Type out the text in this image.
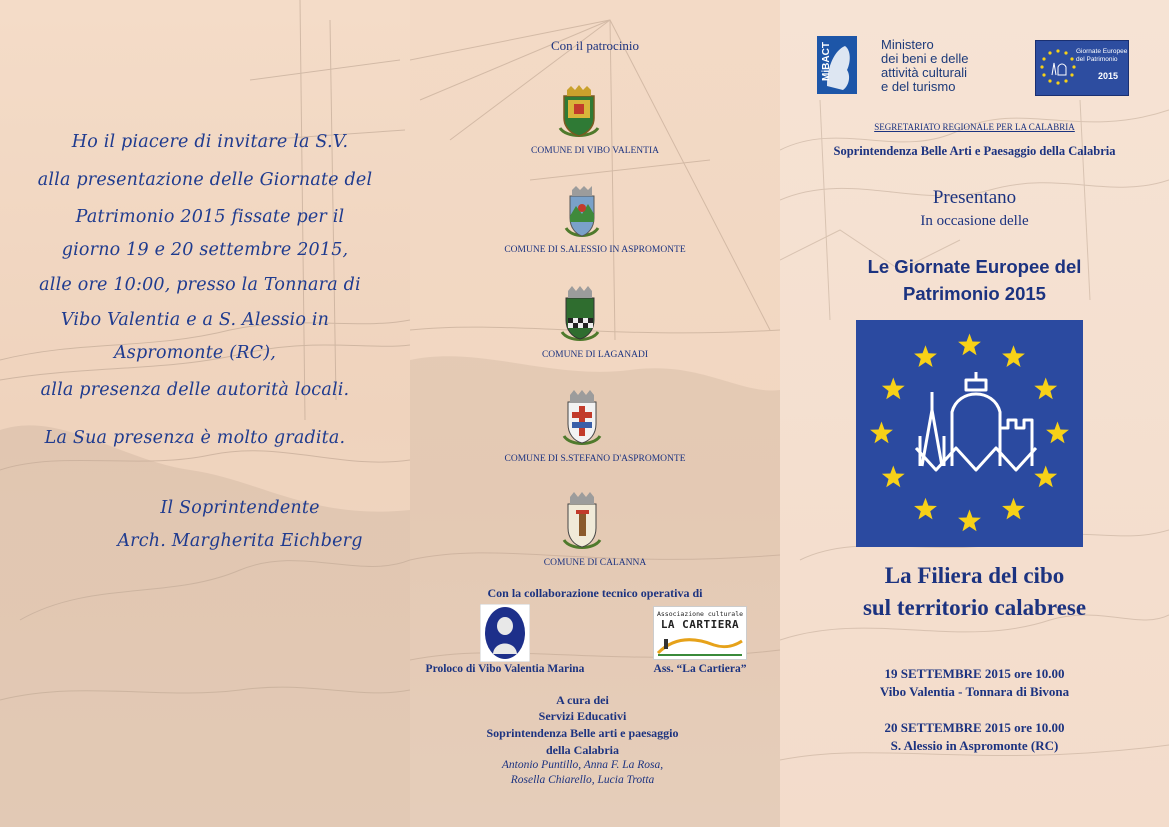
Ho il piacere di invitare la S.V.
alla presentazione delle Giornate del
Patrimonio 2015 fissate per il
giorno 19 e 20 settembre 2015,
alle ore 10:00, presso la Tonnara di
Vibo Valentia e a S. Alessio in
Aspromonte (RC),
alla presenza delle autorità locali.
La Sua presenza è molto gradita.
Il Soprintendente
Arch. Margherita Eichberg
Con il patrocinio
COMUNE DI VIBO VALENTIA
COMUNE DI S.ALESSIO IN ASPROMONTE
COMUNE DI LAGANADI
COMUNE DI S.STEFANO D'ASPROMONTE
COMUNE DI CALANNA
Con la collaborazione tecnico operativa di
Associazione culturale
LA CARTIERA
Proloco di Vibo Valentia Marina	Ass. “La Cartiera”
A cura dei
Servizi Educativi
Soprintendenza Belle arti e paesaggio
della Calabria
Antonio Puntillo, Anna F. La Rosa,
Rosella Chiarello, Lucia Trotta
MiBACT	Ministero
dei beni e delle
attività culturali
e del turismo
Giornate Europee
del Patrimonio
2015
SEGRETARIATO REGIONALE PER LA CALABRIA
Soprintendenza Belle Arti e Paesaggio della Calabria
Presentano
In occasione delle
Le Giornate Europee del
Patrimonio 2015
La Filiera del cibo
sul territorio calabrese
19 SETTEMBRE 2015 ore 10.00
Vibo Valentia - Tonnara di Bivona
20 SETTEMBRE 2015 ore 10.00
S. Alessio in Aspromonte (RC)
